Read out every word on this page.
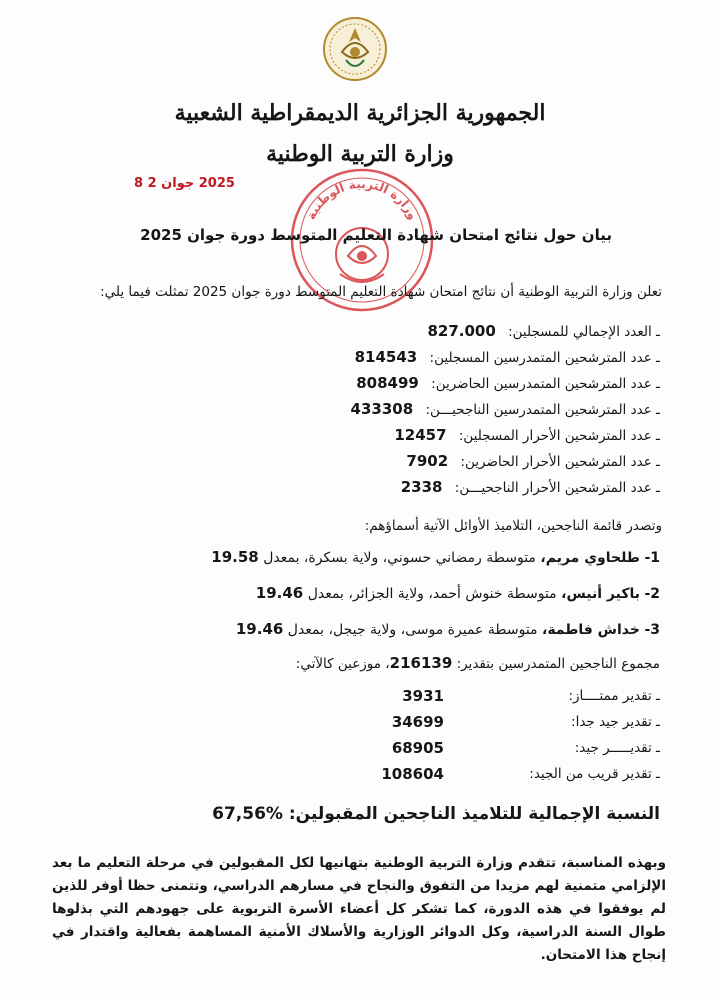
الجمهورية الجزائرية الديمقراطية الشعبية
وزارة التربية الوطنية
2025 جوان 2 8
وزارة التربية الوطنية
بيان حول نتائج امتحان شهادة التعليم المتوسط دورة جوان 2025
تعلن وزارة التربية الوطنية أن نتائج امتحان شهادة التعليم المتوسط دورة جوان 2025 تمثلت فيما يلي:
ـ العدد الإجمالي للمسجلين: 827.000
ـ عدد المترشحين المتمدرسين المسجلين: 814543
ـ عدد المترشحين المتمدرسين الحاضرين: 808499
ـ عدد المترشحين المتمدرسين الناجحيـــن: 433308
ـ عدد المترشحين الأحرار المسجلين: 12457
ـ عدد المترشحين الأحرار الحاضرين: 7902
ـ عدد المترشحين الأحرار الناجحيـــن: 2338
وتصدر قائمة الناجحين، التلاميذ الأوائل الآتية أسماؤهم:
1- طلحاوي مريم، متوسطة رمضاني حسوني، ولاية بسكرة، بمعدل 19.58
2- باكير أنيس، متوسطة خنوش أحمد، ولاية الجزائر، بمعدل 19.46
3- خداش فاطمة، متوسطة عميرة موسى، ولاية جيجل، بمعدل 19.46
مجموع الناجحين المتمدرسين بتقدير: 216139، موزعين كالآتي:
ـ تقدير ممتــــاز:
3931
ـ تقدير جيد جدا:
34699
ـ تقديـــــر جيد:
68905
ـ تقدير قريب من الجيد:
108604
النسبة الإجمالية للتلاميذ الناجحين المقبولين: %67,56
وبهذه المناسبة، تتقدم وزارة التربية الوطنية بتهانيها لكل المقبولين في مرحلة التعليم ما بعد الإلزامي متمنية لهم مزيدا من التفوق والنجاح في مسارهم الدراسي، وتتمنى حظا أوفر للذين لم يوفقوا في هذه الدورة، كما تشكر كل أعضاء الأسرة التربوية على جهودهم التي بذلوها طوال السنة الدراسية، وكل الدوائر الوزارية والأسلاك الأمنية المساهمة بفعالية واقتدار في إنجاح هذا الامتحان.
